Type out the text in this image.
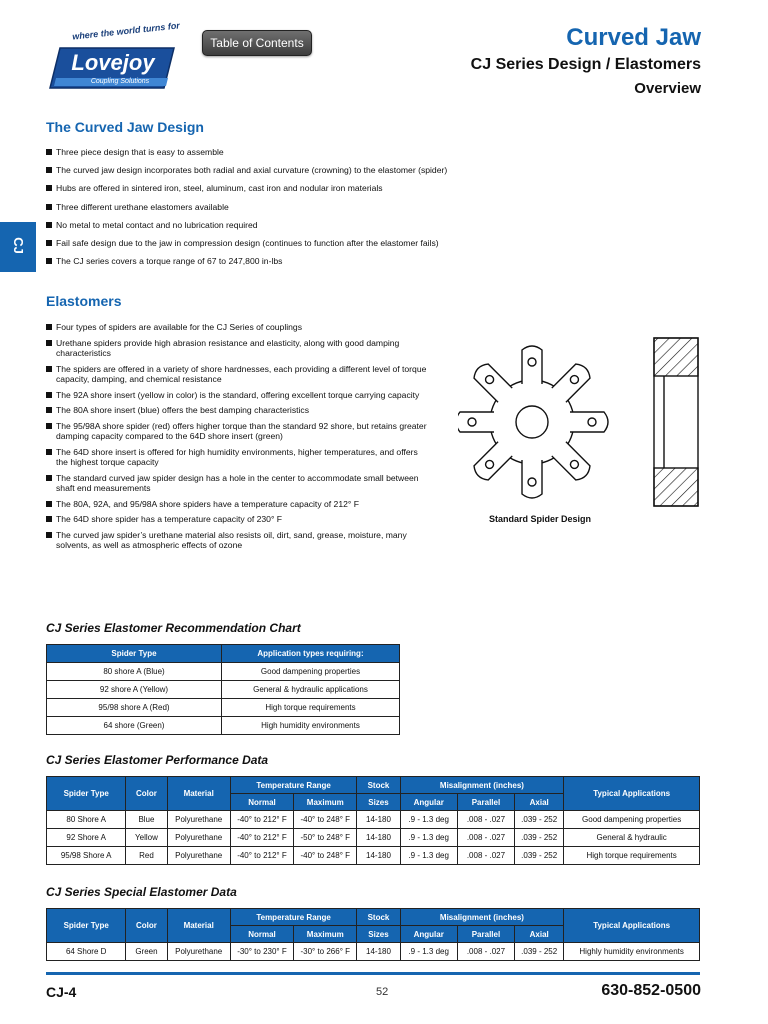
where the world turns for
Lovejoy
Coupling Solutions
Table of Contents	Curved Jaw
CJ Series Design / Elastomers
Overview
CJ
The Curved Jaw Design
Three piece design that is easy to assemble
The curved jaw design incorporates both radial and axial curvature (crowning) to the elastomer (spider)
Hubs are offered in sintered iron, steel, aluminum, cast iron and nodular iron materials
Three different urethane elastomers available
No metal to metal contact and no lubrication required
Fail safe design due to the jaw in compression design (continues to function after the elastomer fails)
The CJ series covers a torque range of 67 to 247,800 in-lbs
Elastomers
Four types of spiders are available for the CJ Series of couplings
Urethane spiders provide high abrasion resistance and elasticity, along with good damping characteristics
The spiders are offered in a variety of shore hardnesses, each providing a different level of torque capacity, damping, and chemical resistance
The 92A shore insert (yellow in color) is the standard, offering excellent torque carrying capacity
The 80A shore insert (blue) offers the best damping characteristics
The 95/98A shore spider (red) offers higher torque than the standard 92 shore, but retains greater damping capacity compared to the 64D shore insert (green)
The 64D shore insert is offered for high humidity environments, higher temperatures, and offers the highest torque capacity
The standard curved jaw spider design has a hole in the center to accommodate small between shaft end measurements
The 80A, 92A, and 95/98A shore spiders have a temperature capacity of 212° F
The 64D shore spider has a temperature capacity of 230° F
The curved jaw spider’s urethane material also resists oil, dirt, sand, grease, moisture, many solvents, as well as atmospheric effects of ozone
Standard Spider Design
CJ Series Elastomer Recommendation Chart
Spider Type	Application types requiring:
80 shore A (Blue)	Good dampening properties
92 shore A (Yellow)	General & hydraulic applications
95/98 shore A (Red)	High torque requirements
64 shore (Green)	High humidity environments
CJ Series Elastomer Performance Data
Spider Type	Color	Material	Temperature Range		Stock	Misalignment (inches)			Typical Applications
			Normal	Maximum	Sizes	Angular	Parallel	Axial	
80 Shore A	Blue	Polyurethane	-40° to 212° F	-40° to 248° F	14-180	.9 - 1.3 deg	.008 - .027	.039 - 252	Good dampening properties
92 Shore A	Yellow	Polyurethane	-40° to 212° F	-50° to 248° F	14-180	.9 - 1.3 deg	.008 - .027	.039 - 252	General & hydraulic
95/98 Shore A	Red	Polyurethane	-40° to 212° F	-40° to 248° F	14-180	.9 - 1.3 deg	.008 - .027	.039 - 252	High torque requirements
CJ Series Special Elastomer Data
Spider Type	Color	Material	Temperature Range		Stock	Misalignment (inches)			Typical Applications
			Normal	Maximum	Sizes	Angular	Parallel	Axial	
64 Shore D	Green	Polyurethane	-30° to 230° F	-30° to 266° F	14-180	.9 - 1.3 deg	.008 - .027	.039 - 252	Highly humidity environments
CJ-4	52	630-852-0500
